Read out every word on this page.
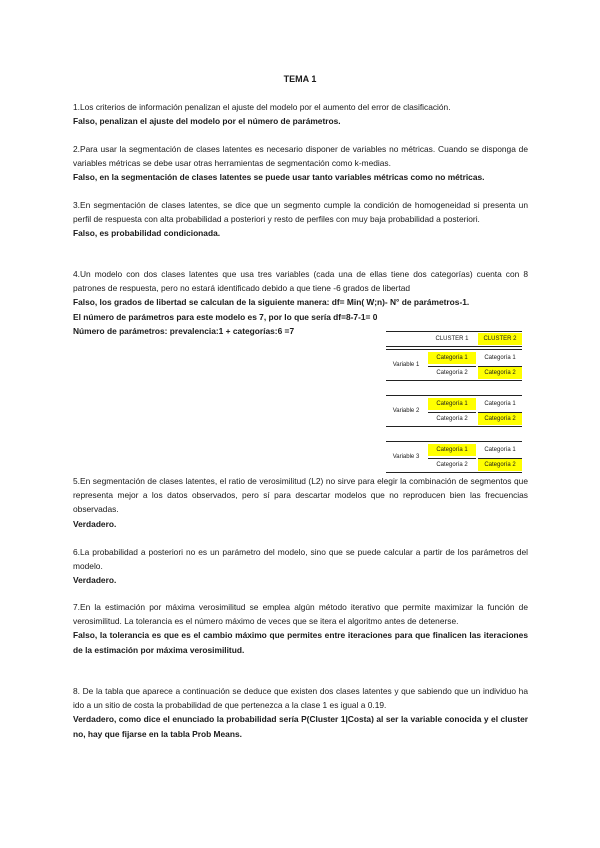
TEMA 1

1.Los criterios de información penalizan el ajuste del modelo por el aumento del error de clasificación.

Falso, penalizan el ajuste del modelo por el número de parámetros.

2.Para usar la segmentación de clases latentes es necesario disponer de variables no métricas. Cuando se disponga de variables métricas se debe usar otras herramientas de segmentación como k-medias.

Falso, en la segmentación de clases latentes se puede usar tanto variables métricas como no métricas.

3.En segmentación de clases latentes, se dice que un segmento cumple la condición de homogeneidad si presenta un perfil de respuesta con alta probabilidad a posteriori y resto de perfiles con muy baja probabilidad a posteriori.

Falso, es probabilidad condicionada.

4.Un modelo con dos clases latentes que usa tres variables (cada una de ellas tiene dos categorías) cuenta con 8 patrones de respuesta, pero no estará identificado debido a que tiene -6 grados de libertad

Falso, los grados de libertad se calculan de la siguiente manera: df= Min( W;n)- N° de parámetros-1.

El número de parámetros para este modelo es 7, por lo que sería df=8-7-1= 0

Número de parámetros: prevalencia:1 + categorías:6 =7

CLUSTER 1	CLUSTER 2
Variable 1
Categoría 1	Categoría 1
Categoría 2	Categoría 2
Variable 2
Categoría 1	Categoría 1
Categoría 2	Categoría 2
Variable 3
Categoría 1	Categoría 1
Categoría 2	Categoría 2

5.En segmentación de clases latentes, el ratio de verosimilitud (L2) no sirve para elegir la combinación de segmentos que representa mejor a los datos observados, pero sí para descartar modelos que no reproducen bien las frecuencias observadas.

Verdadero.

6.La probabilidad a posteriori no es un parámetro del modelo, sino que se puede calcular a partir de los parámetros del modelo.

Verdadero.

7.En la estimación por máxima verosimilitud se emplea algún método iterativo que permite maximizar la función de verosimilitud. La tolerancia es el número máximo de veces que se itera el algoritmo antes de detenerse.

Falso, la tolerancia es que es el cambio máximo que permites entre iteraciones para que finalicen las iteraciones de la estimación por máxima verosimilitud.

8. De la tabla que aparece a continuación se deduce que existen dos clases latentes y que sabiendo que un individuo ha ido a un sitio de costa la probabilidad de que pertenezca a la clase 1 es igual a 0.19.

Verdadero, como dice el enunciado la probabilidad sería P(Cluster 1|Costa) al ser la variable conocida y el cluster no, hay que fijarse en la tabla Prob Means.
